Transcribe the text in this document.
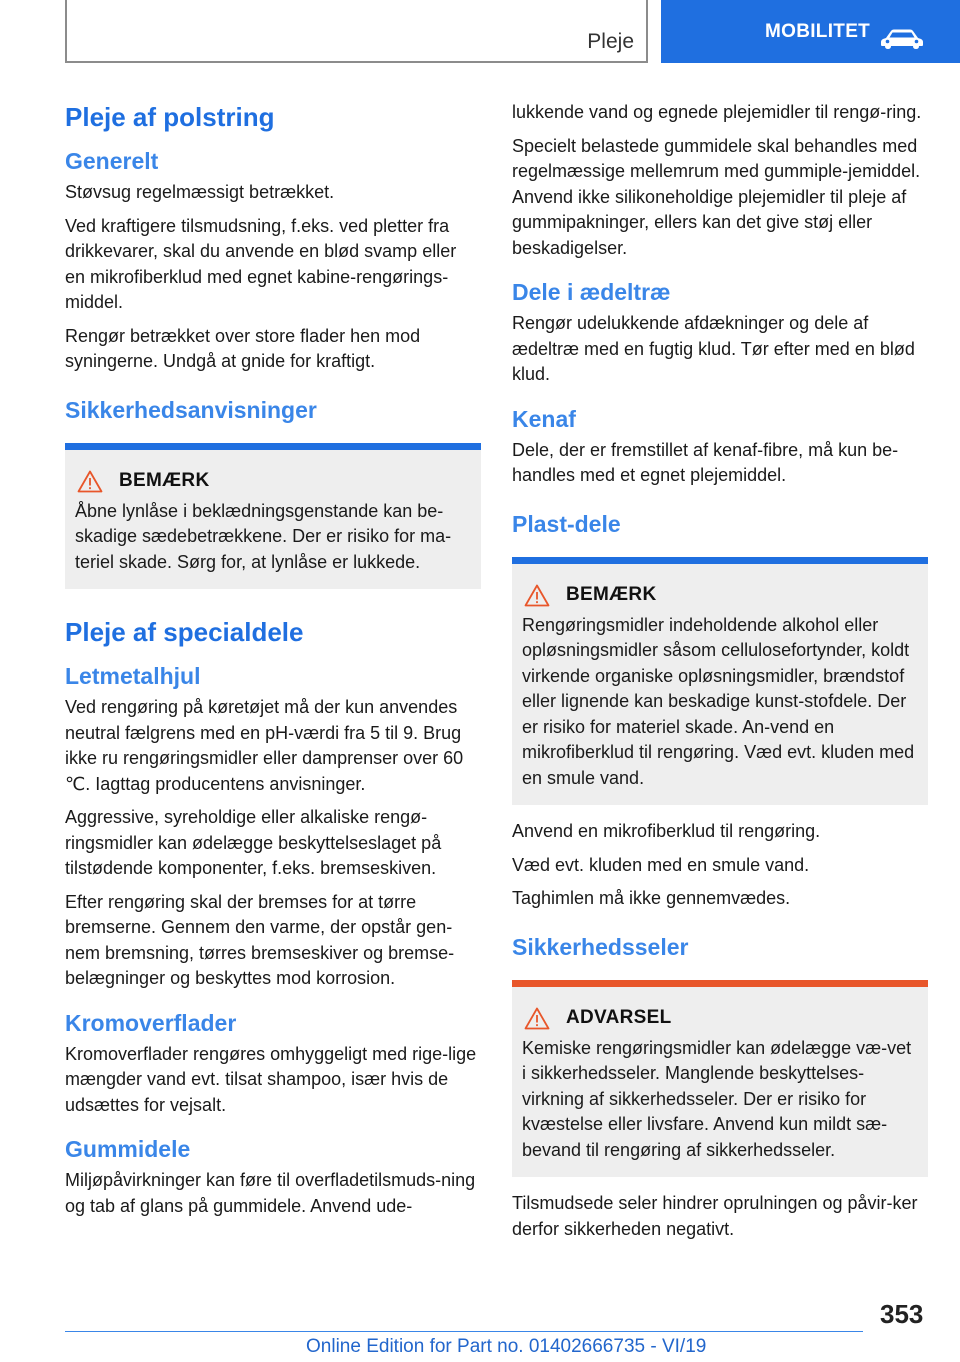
Pleje	MOBILITET
Pleje af polstring
Generelt

Støvsug regelmæssigt betrækket.

Ved kraftigere tilsmudsning, f.eks. ved pletter fra drikkevarer, skal du anvende en blød svamp eller en mikrofiberklud med egnet kabine-rengørings-middel.

Rengør betrækket over store flader hen mod syningerne. Undgå at gnide for kraftigt.

Sikkerhedsanvisninger
BEMÆRK

Åbne lynlåse i beklædningsgenstande kan be-skadige sædebetrækkene. Der er risiko for ma-teriel skade. Sørg for, at lynlåse er lukkede.

Pleje af specialdele
Letmetalhjul

Ved rengøring på køretøjet må der kun anvendes neutral fælgrens med en pH-værdi fra 5 til 9. Brug ikke ru rengøringsmidler eller damprenser over 60 ℃. Iagttag producentens anvisninger.

Aggressive, syreholdige eller alkaliske rengø-ringsmidler kan ødelægge beskyttelseslaget på tilstødende komponenter, f.eks. bremseskiven.

Efter rengøring skal der bremses for at tørre bremserne. Gennem den varme, der opstår gen-nem bremsning, tørres bremseskiver og bremse-belægninger og beskyttes mod korrosion.

Kromoverflader

Kromoverflader rengøres omhyggeligt med rige-lige mængder vand evt. tilsat shampoo, især hvis de udsættes for vejsalt.

Gummidele

Miljøpåvirkninger kan føre til overfladetilsmuds-ning og tab af glans på gummidele. Anvend ude-

lukkende vand og egnede plejemidler til rengø-ring.

Specielt belastede gummidele skal behandles med regelmæssige mellemrum med gummiple-jemiddel. Anvend ikke silikoneholdige plejemidler til pleje af gummipakninger, ellers kan det give støj eller beskadigelser.

Dele i ædeltræ

Rengør udelukkende afdækninger og dele af ædeltræ med en fugtig klud. Tør efter med en blød klud.

Kenaf

Dele, der er fremstillet af kenaf-fibre, må kun be-handles med et egnet plejemiddel.

Plast-dele
BEMÆRK

Rengøringsmidler indeholdende alkohol eller opløsningsmidler såsom cellulosefortynder, koldt virkende organiske opløsningsmidler, brændstof eller lignende kan beskadige kunst-stofdele. Der er risiko for materiel skade. An-vend en mikrofiberklud til rengøring. Væd evt. kluden med en smule vand.

Anvend en mikrofiberklud til rengøring.

Væd evt. kluden med en smule vand.

Taghimlen må ikke gennemvædes.

Sikkerhedsseler
ADVARSEL

Kemiske rengøringsmidler kan ødelægge væ-vet i sikkerhedsseler. Manglende beskyttelses-virkning af sikkerhedsseler. Der er risiko for kvæstelse eller livsfare. Anvend kun mildt sæ-bevand til rengøring af sikkerhedsseler.

Tilsmudsede seler hindrer oprulningen og påvir-ker derfor sikkerheden negativt.

353
Online Edition for Part no. 01402666735 - VI/19
